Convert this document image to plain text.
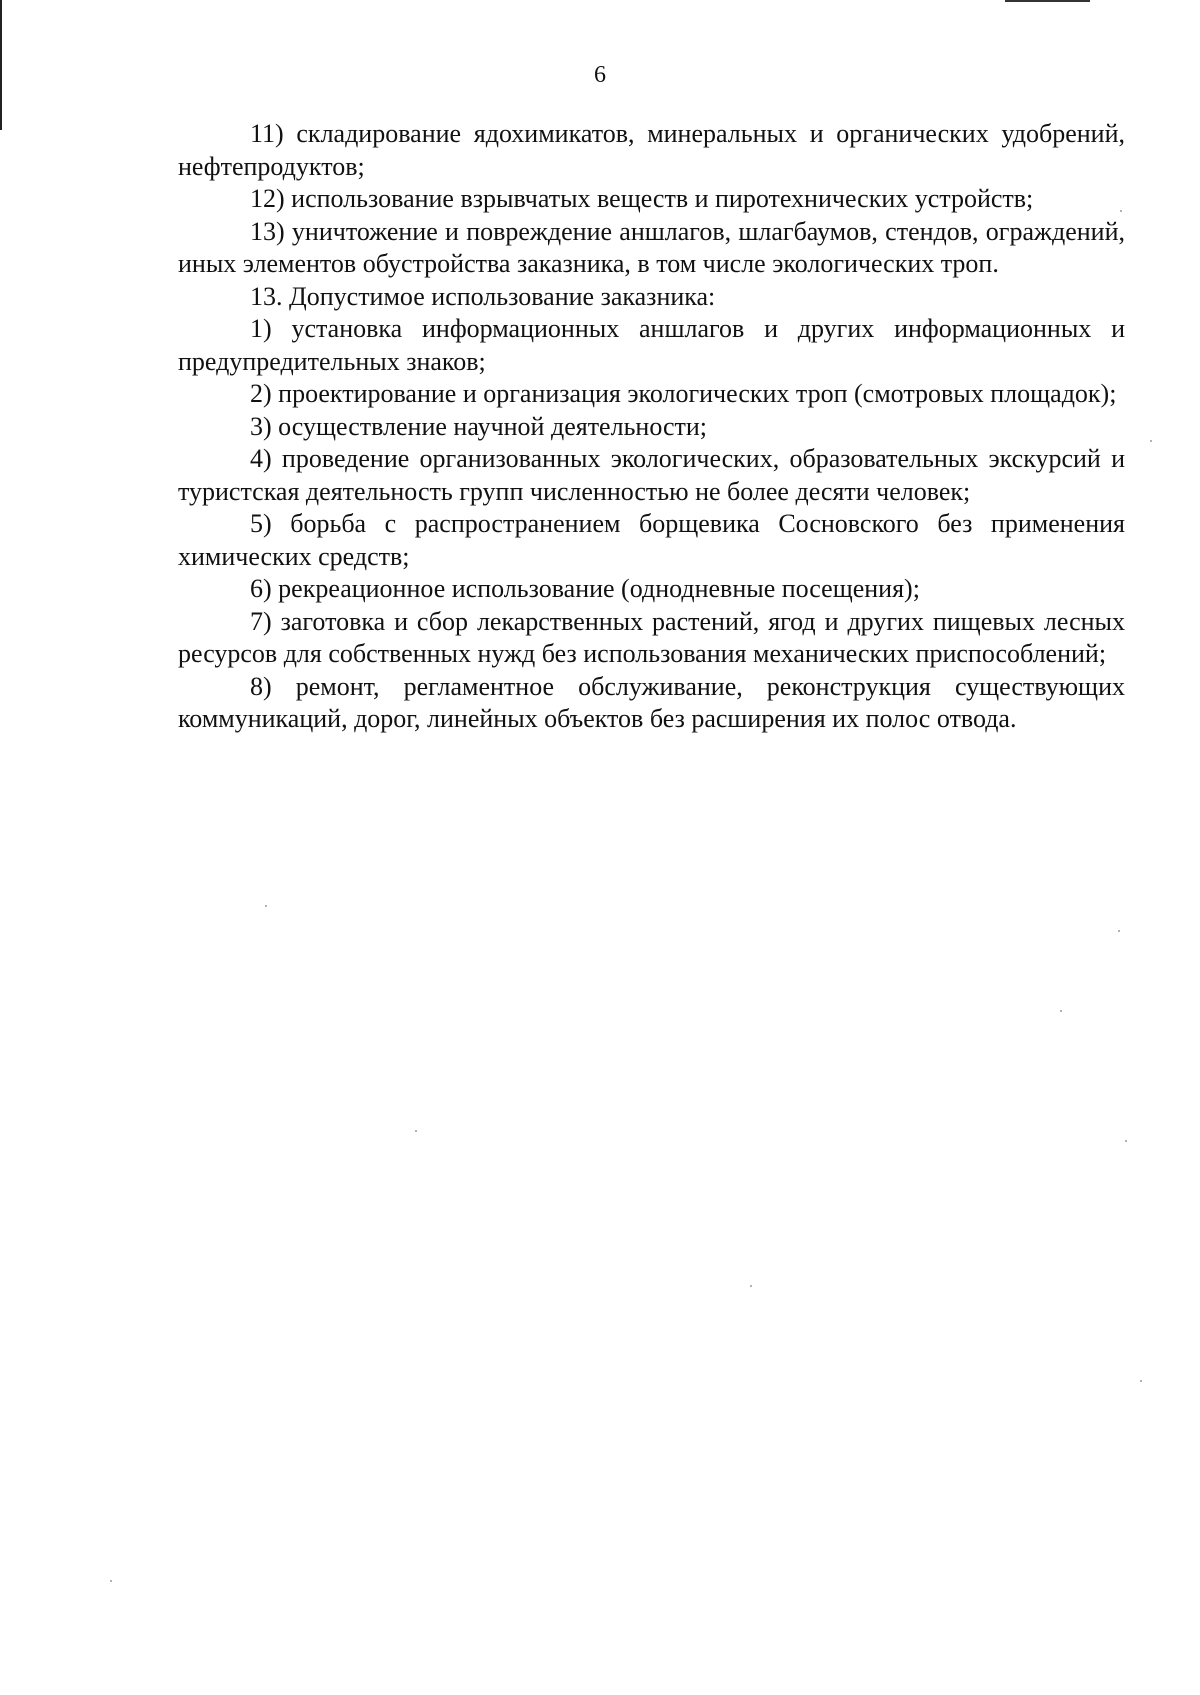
6

11) складирование ядохимикатов, минеральных и органических удобрений, нефтепродуктов;

12) использование взрывчатых веществ и пиротехнических устройств;

13) уничтожение и повреждение аншлагов, шлагбаумов, стендов, ограждений, иных элементов обустройства заказника, в том числе экологических троп.

13. Допустимое использование заказника:

1) установка информационных аншлагов и других информационных и предупредительных знаков;

2) проектирование и организация экологических троп (смотровых площадок);

3) осуществление научной деятельности;

4) проведение организованных экологических, образовательных экскурсий и туристская деятельность групп численностью не более десяти человек;

5) борьба с распространением борщевика Сосновского без применения химических средств;

6) рекреационное использование (однодневные посещения);

7) заготовка и сбор лекарственных растений, ягод и других пищевых лесных ресурсов для собственных нужд без использования механических приспособлений;

8) ремонт, регламентное обслуживание, реконструкция существующих коммуникаций, дорог, линейных объектов без расширения их полос отвода.
